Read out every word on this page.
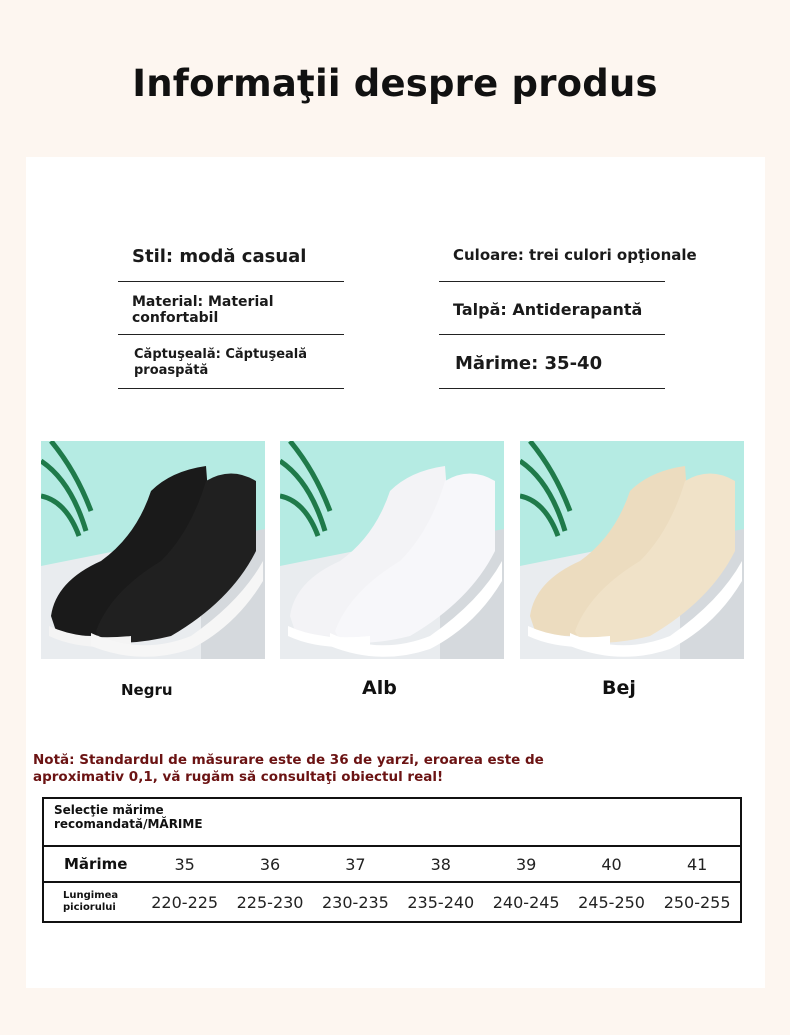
Informaţii despre produs
Stil: modă casual
Material: Material confortabil
Căptuşeală: Căptuşeală proaspătă
Culoare: trei culori opţionale
Talpă: Antiderapantă
Mărime: 35-40
Negru	Alb	Bej
Notă: Standardul de măsurare este de 36 de yarzi, eroarea este de aproximativ 0,1, vă rugăm să consultaţi obiectul real!
Selecţie mărime recomandată/MĂRIME							

Mărime	35	36	37	38	39	40	41

Lungimea piciorului	220-225	225-230	230-235	235-240	240-245	245-250	250-255
